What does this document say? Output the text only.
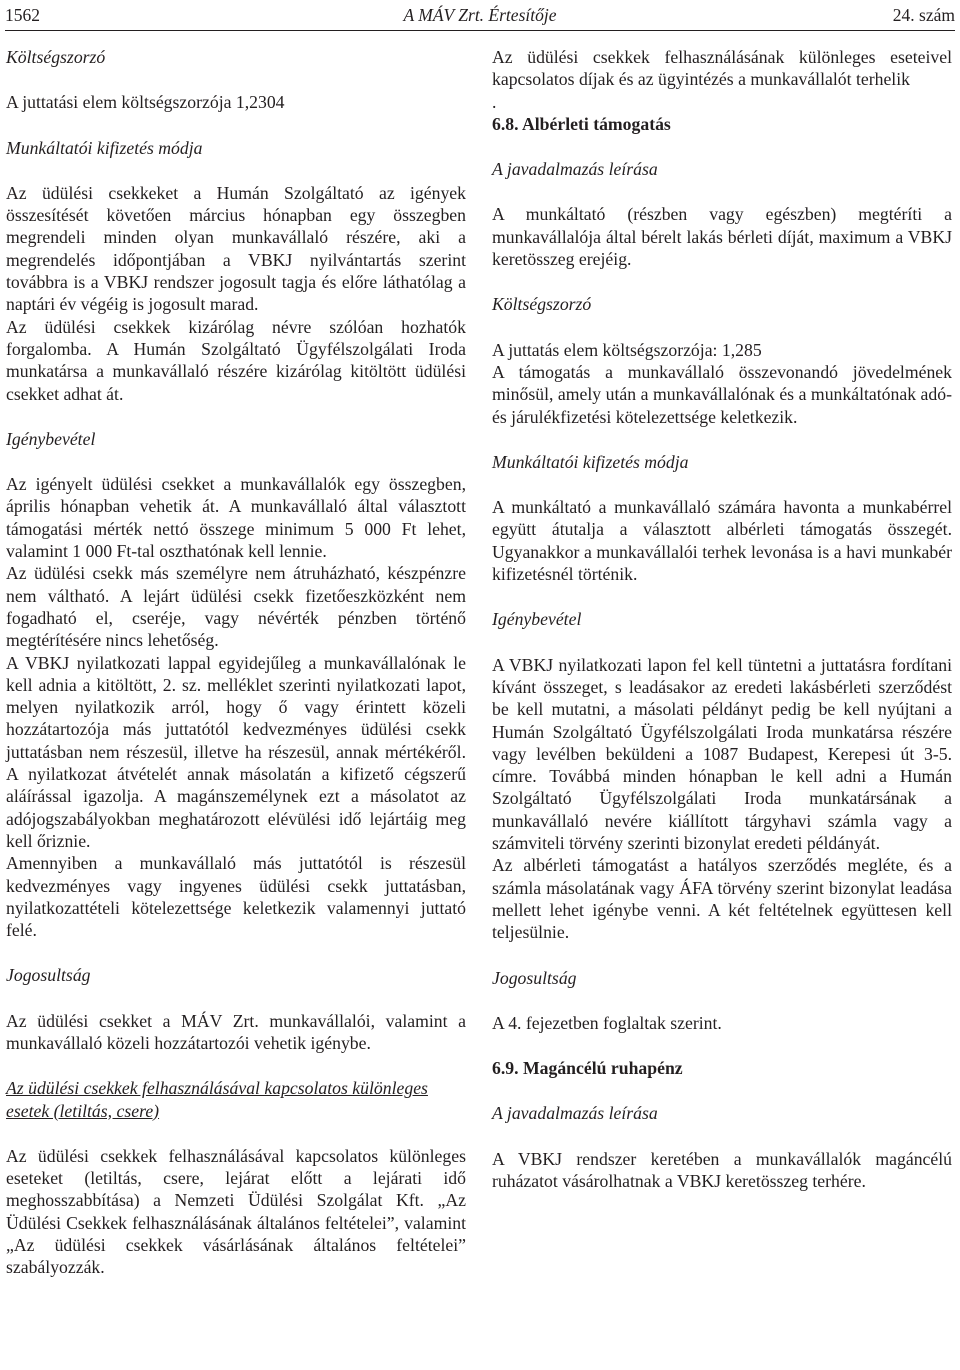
1562	A MÁV Zrt. Értesítője	24. szám
Költségszorzó

A juttatási elem költségszorzója 1,2304

Munkáltatói kifizetés módja

Az üdülési csekkeket a Humán Szolgáltató az igények összesítését követően március hónapban egy összegben megrendeli minden olyan munkavállaló részére, aki a megrendelés időpontjában a VBKJ nyilvántartás szerint továbbra is a VBKJ rendszer jogosult tagja és előre láthatólag a naptári év végéig is jogosult marad.

Az üdülési csekkek kizárólag névre szólóan hozhatók forgalomba. A Humán Szolgáltató Ügyfélszolgálati Iroda munkatársa a munkavállaló részére kizárólag kitöltött üdülési csekket adhat át.

Igénybevétel

Az igényelt üdülési csekket a munkavállalók egy összegben, április hónapban vehetik át. A munkavállaló által választott támogatási mérték nettó összege minimum 5 000 Ft lehet, valamint 1 000 Ft-tal oszthatónak kell lennie.

Az üdülési csekk más személyre nem átruházható, készpénzre nem váltható. A lejárt üdülési csekk fizetőeszközként nem fogadható el, cseréje, vagy névérték pénzben történő megtérítésére nincs lehetőség.

A VBKJ nyilatkozati lappal egyidejűleg a munkavállalónak le kell adnia a kitöltött, 2. sz. melléklet szerinti nyilatkozati lapot, melyen nyilatkozik arról, hogy ő vagy érintett közeli hozzátartozója más juttatótól kedvezményes üdülési csekk juttatásban nem részesül, illetve ha részesül, annak mértékéről. A nyilatkozat átvételét annak másolatán a kifizető cégszerű aláírással igazolja. A magánszemélynek ezt a másolatot az adójogszabályokban meghatározott elévülési idő lejártáig meg kell őriznie.

Amennyiben a munkavállaló más juttatótól is részesül kedvezményes vagy ingyenes üdülési csekk juttatásban, nyilatkozattételi kötelezettsége keletkezik valamennyi juttató felé.

Jogosultság

Az üdülési csekket a MÁV Zrt. munkavállalói, valamint a munkavállaló közeli hozzátartozói vehetik igénybe.

Az üdülési csekkek felhasználásával kapcsolatos különleges esetek (letiltás, csere)

Az üdülési csekkek felhasználásával kapcsolatos különleges eseteket (letiltás, csere, lejárat előtt a lejárati idő meghosszabbítása) a Nemzeti Üdülési Szolgálat Kft. „Az Üdülési Csekkek felhasználásának általános feltételei”, valamint „Az üdülési csekkek vásárlásának általános feltételei” szabályozzák.

Az üdülési csekkek felhasználásának különleges eseteivel kapcsolatos díjak és az ügyintézés a munkavállalót terhelik

.

6.8. Albérleti támogatás
A javadalmazás leírása

A munkáltató (részben vagy egészben) megtéríti a munkavállalója által bérelt lakás bérleti díját, maximum a VBKJ keretösszeg erejéig.

Költségszorzó

A juttatás elem költségszorzója: 1,285

A támogatás a munkavállaló összevonandó jövedelmének minősül, amely után a munkavállalónak és a munkáltatónak adó- és járulékfizetési kötelezettsége keletkezik.

Munkáltatói kifizetés módja

A munkáltató a munkavállaló számára havonta a munkabérrel együtt átutalja a választott albérleti támogatás összegét. Ugyanakkor a munkavállalói terhek levonása is a havi munkabér kifizetésnél történik.

Igénybevétel

A VBKJ nyilatkozati lapon fel kell tüntetni a juttatásra fordítani kívánt összeget, s leadásakor az eredeti lakásbérleti szerződést be kell mutatni, a másolati példányt pedig be kell nyújtani a Humán Szolgáltató Ügyfélszolgálati Iroda munkatársa részére vagy levélben beküldeni a 1087 Budapest, Kerepesi út 3-5. címre. Továbbá minden hónapban le kell adni a Humán Szolgáltató Ügyfélszolgálati Iroda munkatársának a munkavállaló nevére kiállított tárgyhavi számla vagy a számviteli törvény szerinti bizonylat eredeti példányát.

Az albérleti támogatást a hatályos szerződés megléte, és a számla másolatának vagy ÁFA törvény szerint bizonylat leadása mellett lehet igénybe venni. A két feltételnek együttesen kell teljesülnie.

Jogosultság

A 4. fejezetben foglaltak szerint.

6.9. Magáncélú ruhapénz
A javadalmazás leírása

A VBKJ rendszer keretében a munkavállalók magáncélú ruházatot vásárolhatnak a VBKJ keretösszeg terhére.
